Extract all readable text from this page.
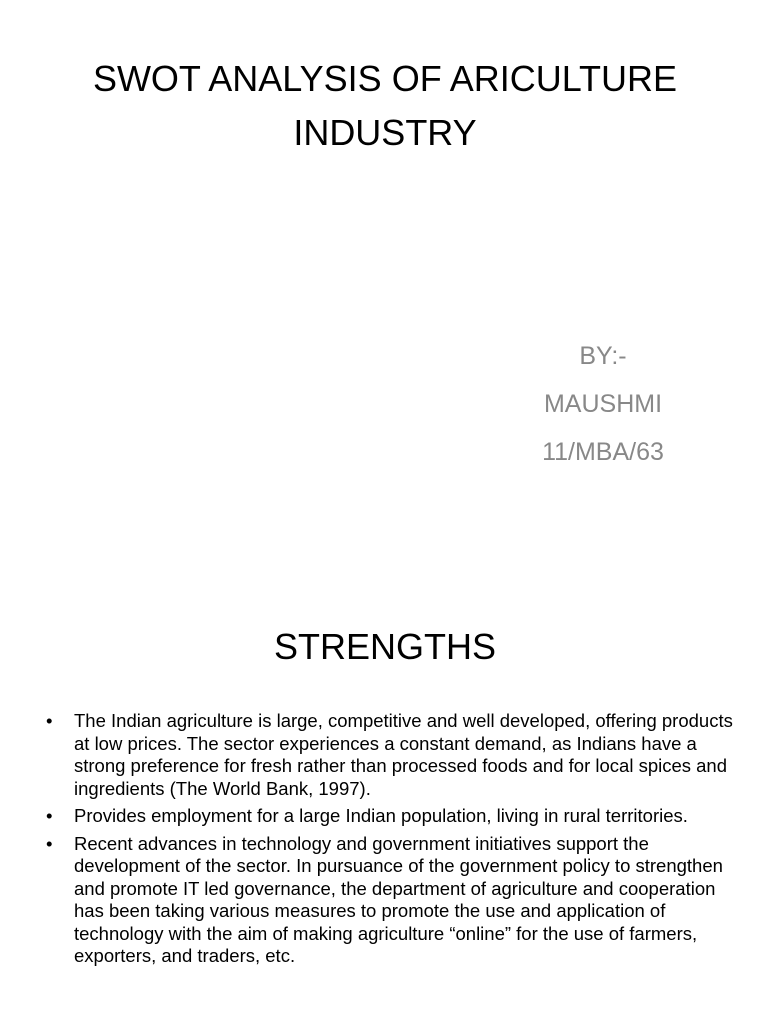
SWOT ANALYSIS OF ARICULTURE INDUSTRY
BY:-
MAUSHMI
11/MBA/63
STRENGTHS
• The Indian agriculture is large, competitive and well developed, offering products at low prices. The sector experiences a constant demand, as Indians have a strong preference for fresh rather than processed foods and for local spices and ingredients (The World Bank, 1997).
• Provides employment for a large Indian population, living in rural territories.
• Recent advances in technology and government initiatives support the development of the sector. In pursuance of the government policy to strengthen and promote IT led governance, the department of agriculture and cooperation has been taking various measures to promote the use and application of technology with the aim of making agriculture “online” for the use of farmers, exporters, and traders, etc.
